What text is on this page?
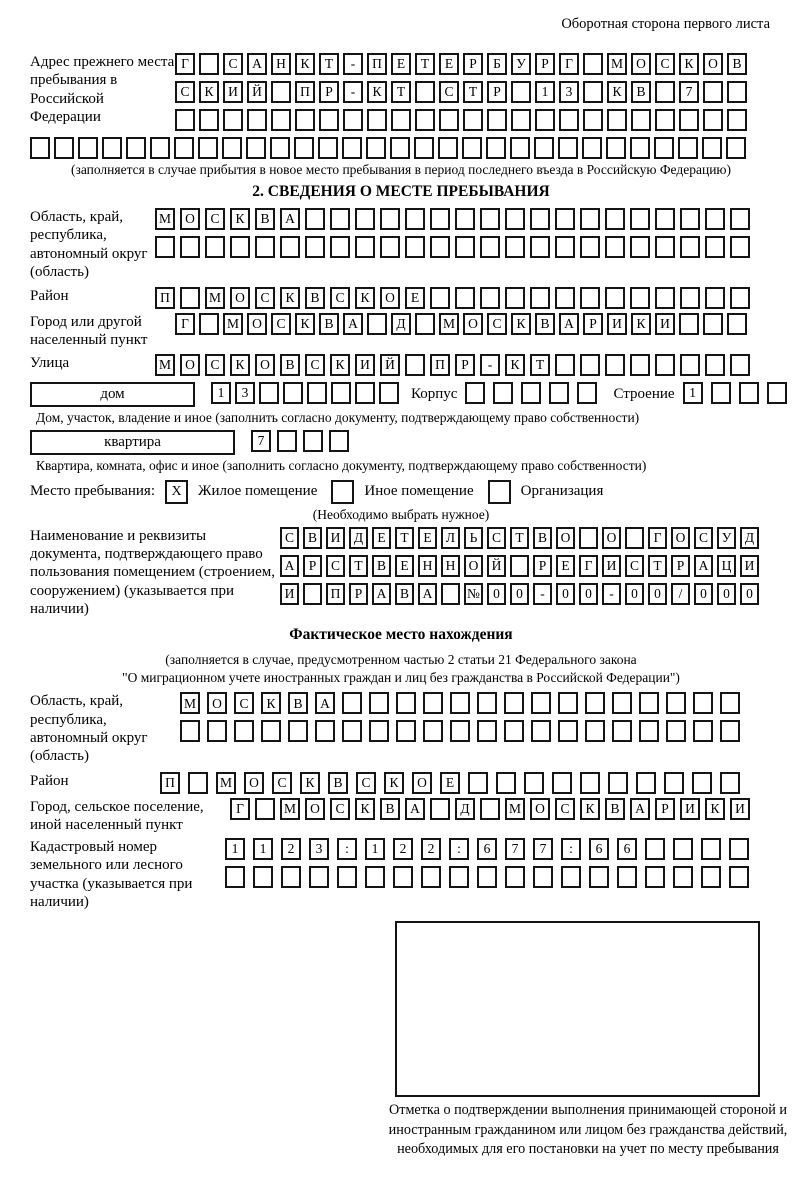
Оборотная сторона первого листа
Адрес прежнего места пребывания в Российской Федерации
Г	С	А	Н	К	Т	-	П	Е	Т	Е	Р	Б	У	Р	Г	М О	С	К	О	В
С	К	И	Й	П	Р	-	К	Т	С	Т	Р	1	3	К	В	7
(заполняется в случае прибытия в новое место пребывания в период последнего въезда в Российскую Федерацию)
2. СВЕДЕНИЯ О МЕСТЕ ПРЕБЫВАНИЯ
Область, край, республика, автономный округ (область)
М	О	С	К	В	А
Район	П	М	О	С	К	В	С	К	О	Е
Город или другой населенный пункт
Г	М О	С	К	В	А	Д	М О	С	К	В	А	Р	И	К	И
Улица	М	О	С	К	О	В	С	К	И	Й	П	Р	-	К	Т
дом	1	3	Корпус	Строение	1
Дом, участок, владение и иное (заполнить согласно документу, подтверждающему право собственности)
квартира	7
Квартира, комната, офис и иное (заполнить согласно документу, подтверждающему право собственности)
Место пребывания:	X	Жилое помещение	Иное помещение	Организация
(Необходимо выбрать нужное)
Наименование и реквизиты документа, подтверждающего право пользования помещением (строением, сооружением) (указывается при наличии)
С	В	И	Д	Е	Т	Е	Л	Ь	С	Т	В	О	О	Г	О	С	У	Д
А	Р	С	Т	В	Е	Н Н О Й	Р	Е	Г	И	С	Т	Р	А Ц И
И	П	Р	А	В	А	№ 0	0	-	0	0	-	0	0	/	0	0	0
Фактическое место нахождения
(заполняется в случае, предусмотренном частью 2 статьи 21 Федерального закона
"О миграционном учете иностранных граждан и лиц без гражданства в Российской Федерации")
Область, край, республика, автономный округ (область)
М	О	С	К	В	А
Район	П	М	О	С	К	В	С	К	О	Е
Город, сельское поселение, иной населенный пункт
Г	М	О	С	К	В	А	Д	М	О	С	К	В	А	Р	И	К	И
Кадастровый номер земельного или лесного участка (указывается при наличии)
1	1	2	3	:	1	2	2	:	6	7	7	:	6	6
Отметка о подтверждении выполнения принимающей стороной и иностранным гражданином или лицом без гражданства действий, необходимых для его постановки на учет по месту пребывания
